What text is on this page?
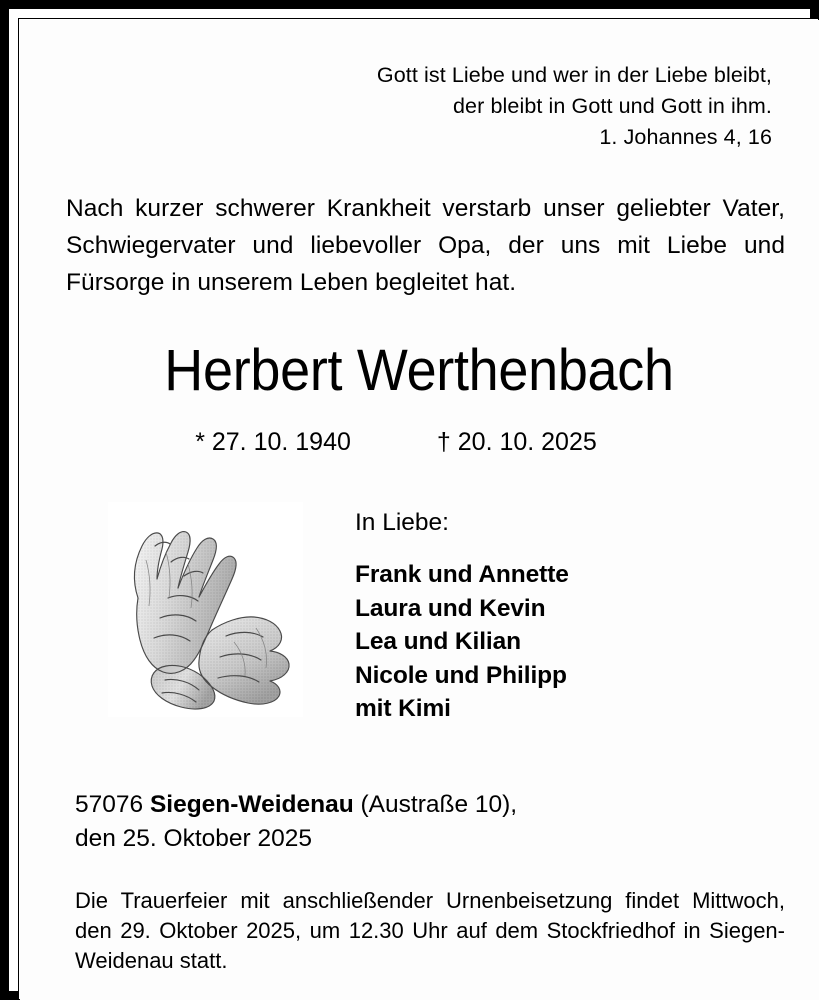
Gott ist Liebe und wer in der Liebe bleibt,
der bleibt in Gott und Gott in ihm.
1. Johannes 4, 16
Nach kurzer schwerer Krankheit verstarb unser geliebter Vater, Schwiegervater und liebevoller Opa, der uns mit Liebe und Fürsorge in unserem Leben begleitet hat.
Herbert Werthenbach
* 27. 10. 1940	† 20. 10. 2025
In Liebe:
Frank und Annette
Laura und Kevin
Lea und Kilian
Nicole und Philipp
mit Kimi
57076 Siegen-Weidenau (Austraße 10),
den 25. Oktober 2025
Die Trauerfeier mit anschließender Urnenbeisetzung findet Mittwoch, den 29. Oktober 2025, um 12.30 Uhr auf dem Stockfriedhof in Siegen-Weidenau statt.
